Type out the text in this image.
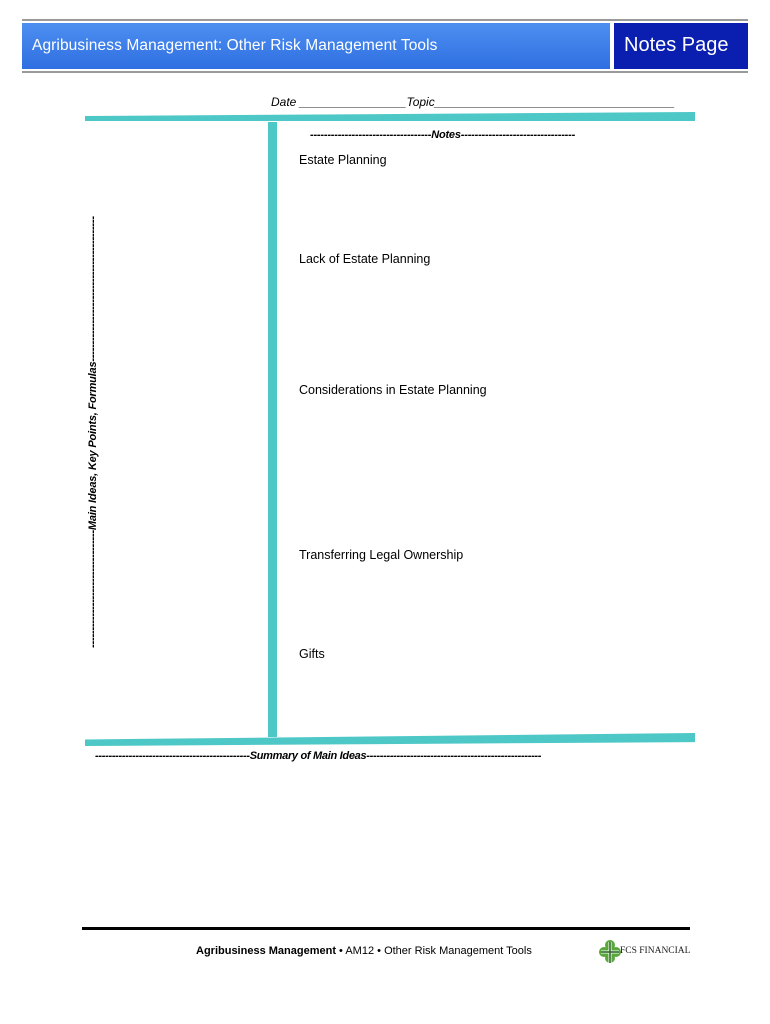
Agribusiness Management: Other Risk Management Tools	Notes Page
Date ________________Topic____________________________________
-----------------------------------Notes---------------------------------
Estate Planning
Lack of Estate Planning
Considerations in Estate Planning
Transferring Legal Ownership
Gifts
----------------------------------Main Ideas, Key Points, Formulas------------------------------------------
----------------------------------------------Summary of Main Ideas----------------------------------------------------
Agribusiness Management • AM12 • Other Risk Management Tools	FCS FINANCIAL
